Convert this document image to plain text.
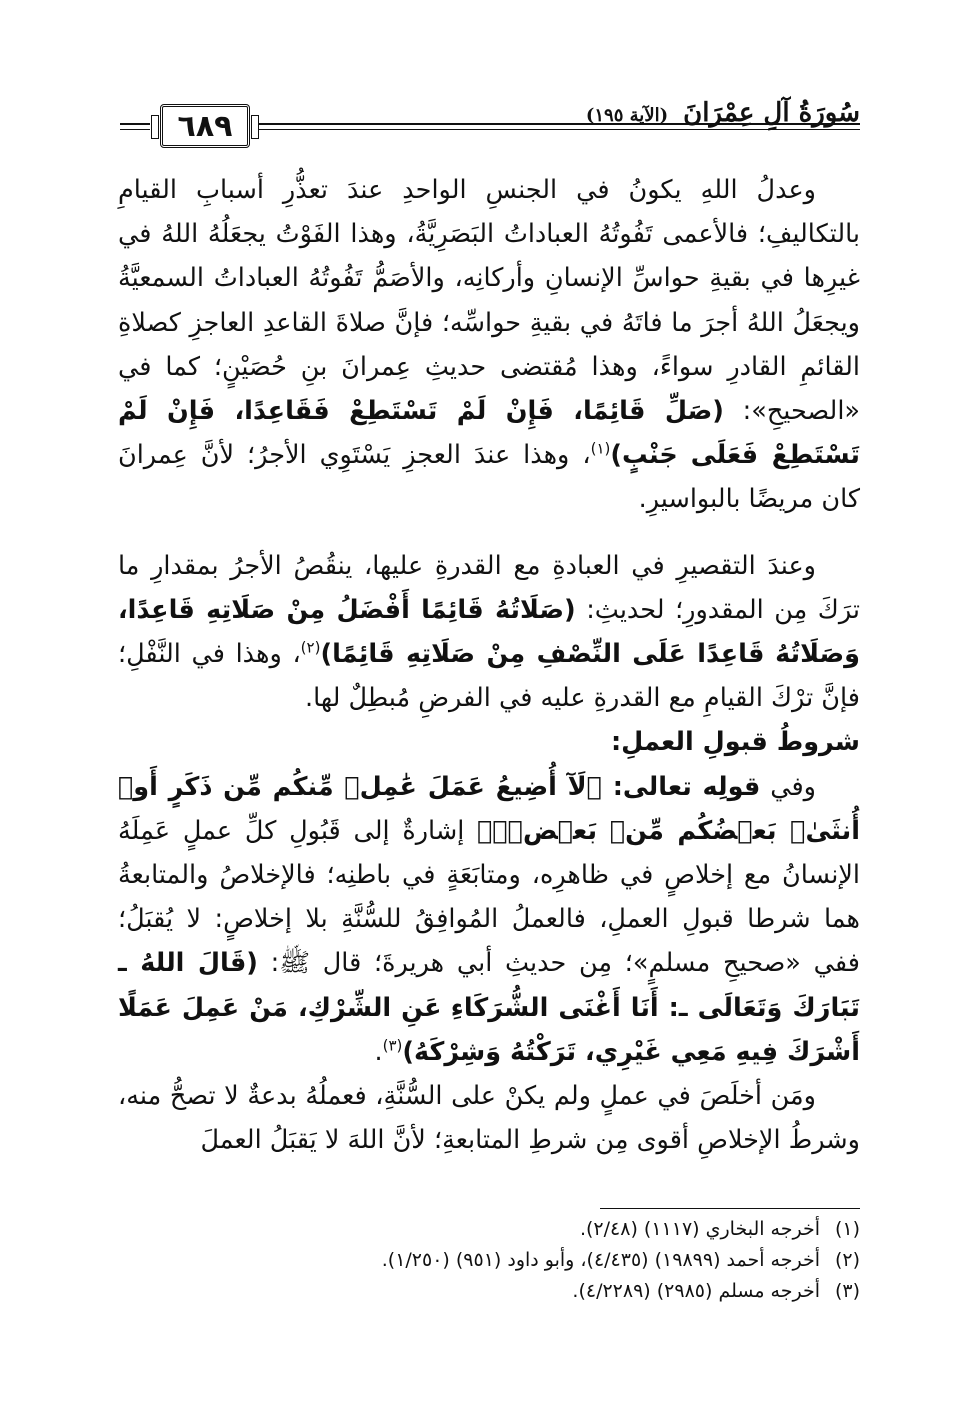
٦٨٩	سُورَةُ آلِ عِمْرَانَ (الآية ١٩٥)

وعدلُ اللهِ يكونُ في الجنسِ الواحدِ عندَ تعذُّرِ أسبابِ القيامِ بالتكاليفِ؛ فالأعمى تَفُوتُهُ العباداتُ البَصَرِيَّةُ، وهذا الفَوْتُ يجعَلُهُ اللهُ في غيرِها في بقيةِ حواسِّ الإنسانِ وأركانِه، والأصَمُّ تَفُوتُهُ العباداتُ السمعيَّةُ ويجعَلُ اللهُ أجرَ ما فاتَهُ في بقيةِ حواسِّه؛ فإنَّ صلاةَ القاعدِ العاجزِ كصلاةِ القائمِ القادرِ سواءً، وهذا مُقتضى حديثِ عِمرانَ بنِ حُصَيْنٍ؛ كما في «الصحيحِ»: (صَلِّ قَائِمًا، فَإِنْ لَمْ تَسْتَطِعْ فَقَاعِدًا، فَإِنْ لَمْ تَسْتَطِعْ فَعَلَى جَنْبٍ)$^{(١)}$، وهذا عندَ العجزِ يَسْتَوِي الأجرُ؛ لأنَّ عِمرانَ كان مريضًا بالبواسيرِ.

وعندَ التقصيرِ في العبادةِ مع القدرةِ عليها، ينقُصُ الأجرُ بمقدارِ ما ترَكَ مِن المقدورِ؛ لحديثِ: (صَلَاتُهُ قَائِمًا أَفْضَلُ مِنْ صَلَاتِهِ قَاعِدًا، وَصَلَاتُهُ قَاعِدًا عَلَى النِّصْفِ مِنْ صَلَاتِهِ قَائِمًا)$^{(٢)}$، وهذا في النَّفْلِ؛ فإنَّ ترْكَ القيامِ مع القدرةِ عليه في الفرضِ مُبطِلٌ لها.

شروطُ قبولِ العملِ:

وفي قولِه تعالى: ﴿لَآ أُضِيعُ عَمَلَ عَٰمِلٖ مِّنكُم مِّن ذَكَرٍ أَوۡ أُنثَىٰۖ بَعۡضُكُم مِّنۢ بَعۡضٖۖ﴾ إشارةٌ إلى قَبُولِ كلِّ عملٍ عَمِلَهُ الإنسانُ مع إخلاصٍ في ظاهرِه، ومتابَعَةٍ في باطنِه؛ فالإخلاصُ والمتابعةُ هما شرطا قبولِ العملِ، فالعملُ المُوافِقُ للسُّنَّةِ بلا إخلاصٍ: لا يُقبَلُ؛ ففي «صحيحِ مسلمٍ»؛ مِن حديثِ أبي هريرةَ؛ قال ﷺ: (قَالَ اللهُ ـ تَبَارَكَ وَتَعَالَى ـ: أَنَا أَغْنَى الشُّرَكَاءِ عَنِ الشِّرْكِ، مَنْ عَمِلَ عَمَلًا أَشْرَكَ فِيهِ مَعِي غَيْرِي، تَرَكْتُهُ وَشِرْكَهُ)$^{(٣)}$.

ومَن أخلَصَ في عملٍ ولم يكنْ على السُّنَّةِ، فعملُهُ بدعةٌ لا تصحُّ منه، وشرطُ الإخلاصِ أقوى مِن شرطِ المتابعةِ؛ لأنَّ اللهَ لا يَقبَلُ العملَ

(١)أخرجه البخاري (١١١٧) (٢/٤٨).
(٢)أخرجه أحمد (١٩٨٩٩) (٤/٤٣٥)، وأبو داود (٩٥١) (١/٢٥٠).
(٣)أخرجه مسلم (٢٩٨٥) (٤/٢٢٨٩).
